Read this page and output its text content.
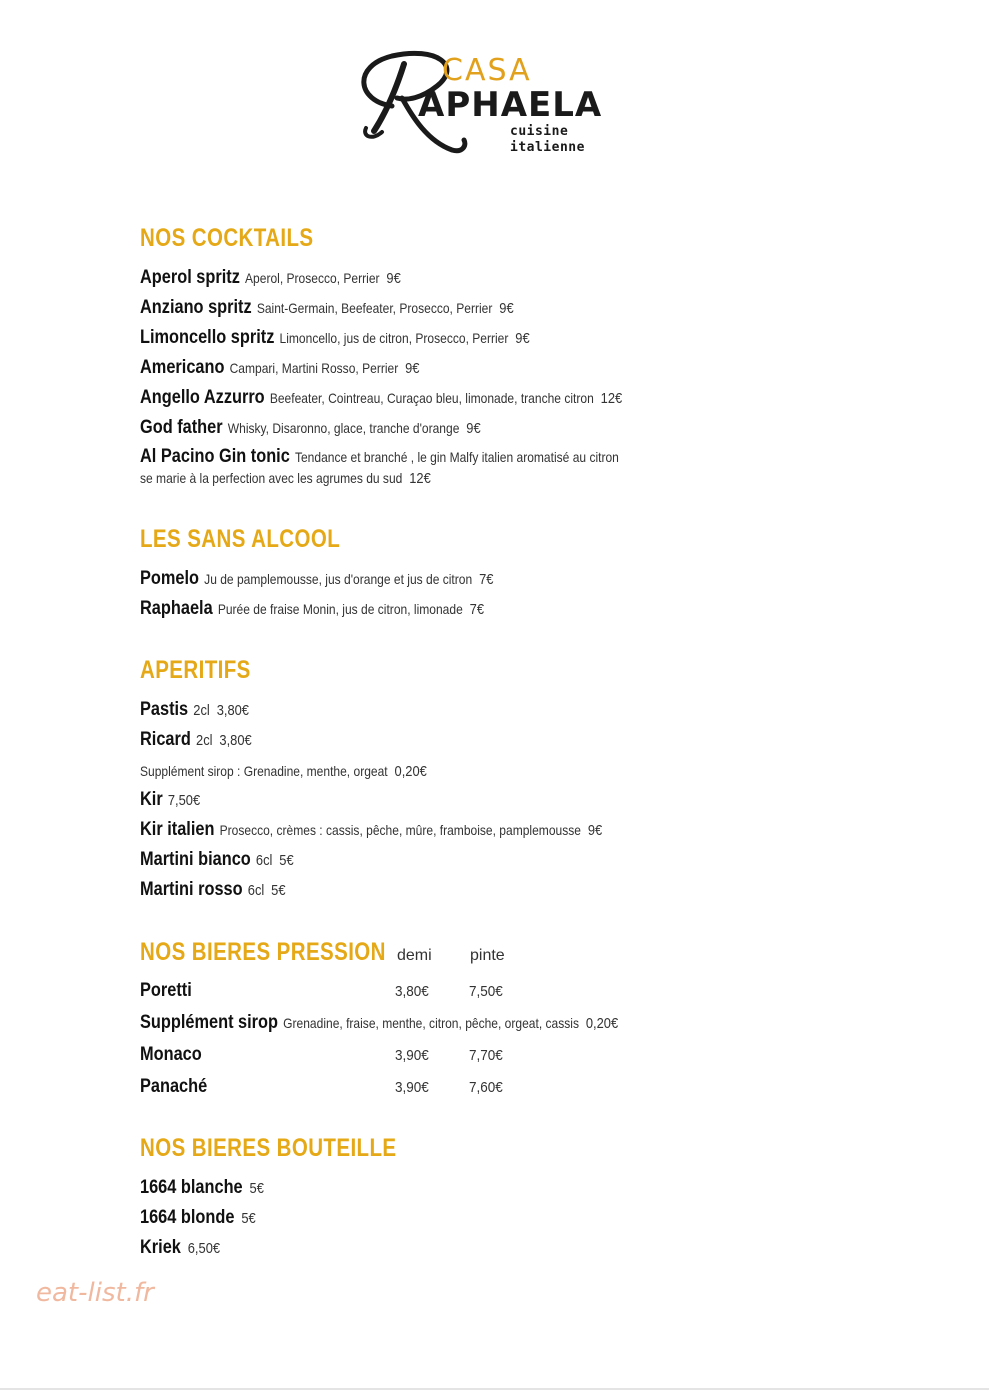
CASA
APHAELA
cuisine italienne
NOS COCKTAILS
Aperol spritz Aperol, Prosecco, Perrier 9€
Anziano spritz Saint-Germain, Beefeater, Prosecco, Perrier 9€
Limoncello spritz Limoncello, jus de citron, Prosecco, Perrier 9€
Americano Campari, Martini Rosso, Perrier 9€
Angello Azzurro Beefeater, Cointreau, Curaçao bleu, limonade, tranche citron 12€
God father Whisky, Disaronno, glace, tranche d'orange 9€
Al Pacino Gin tonic Tendance et branché , le gin Malfy italien aromatisé au citron
se marie à la perfection avec les agrumes du sud 12€
LES SANS ALCOOL
Pomelo Ju de pamplemousse, jus d'orange et jus de citron 7€
Raphaela Purée de fraise Monin, jus de citron, limonade 7€
APERITIFS
Pastis 2cl 3,80€
Ricard 2cl 3,80€
Supplément sirop : Grenadine, menthe, orgeat 0,20€
Kir 7,50€
Kir italien Prosecco, crèmes : cassis, pêche, mûre, framboise, pamplemousse 9€
Martini bianco 6cl 5€
Martini rosso 6cl 5€
NOS BIERES PRESSION demi pinte
Poretti	3,80€	7,50€
Supplément sirop Grenadine, fraise, menthe, citron, pêche, orgeat, cassis 0,20€
Monaco	3,90€	7,70€
Panaché	3,90€	7,60€
NOS BIERES BOUTEILLE
1664 blanche 5€
1664 blonde 5€
Kriek 6,50€
eat-list.fr
